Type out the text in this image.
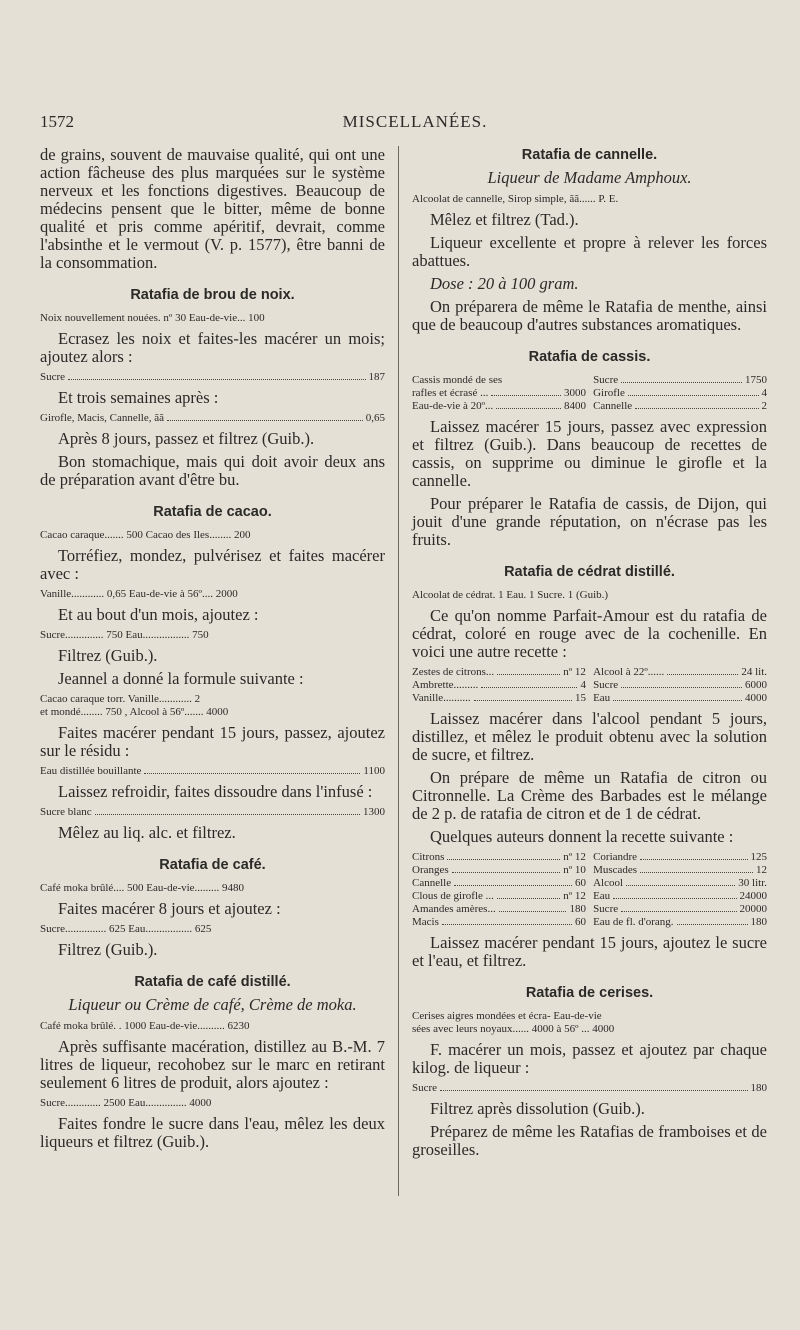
1572	MISCELLANÉES.

de grains, souvent de mauvaise qualité, qui ont une action fâcheuse des plus marquées sur le système nerveux et les fonctions digestives. Beaucoup de médecins pensent que le bitter, même de bonne qualité et pris comme apéritif, devrait, comme l'absinthe et le vermout (V. p. 1577), être banni de la consommation.

Ratafia de brou de noix.
Noix nouvellement nouées. nº 30 Eau-de-vie... 100

Ecrasez les noix et faites-les macérer un mois; ajoutez alors :

Sucre	187

Et trois semaines après :

Girofle, Macis, Cannelle, ãã	0,65

Après 8 jours, passez et filtrez (Guib.).

Bon stomachique, mais qui doit avoir deux ans de préparation avant d'être bu.

Ratafia de cacao.
Cacao caraque....... 500 Cacao des Iles........ 200

Torréfiez, mondez, pulvérisez et faites macérer avec :

Vanille............ 0,65 Eau-de-vie à 56º.... 2000

Et au bout d'un mois, ajoutez :

Sucre.............. 750 Eau................. 750

Filtrez (Guib.).

Jeannel a donné la formule suivante :

Cacao caraque torr. Vanille............ 2
et mondé........ 750 , Alcool à 56º....... 4000

Faites macérer pendant 15 jours, passez, ajoutez sur le résidu :

Eau distillée bouillante	1100

Laissez refroidir, faites dissoudre dans l'infusé :

Sucre blanc	1300

Mêlez au liq. alc. et filtrez.

Ratafia de café.
Café moka brûlé.... 500 Eau-de-vie......... 9480

Faites macérer 8 jours et ajoutez :

Sucre............... 625 Eau................. 625

Filtrez (Guib.).

Ratafia de café distillé.
Liqueur ou Crème de café, Crème de moka.
Café moka brûlé. . 1000 Eau-de-vie.......... 6230

Après suffisante macération, distillez au B.-M. 7 litres de liqueur, recohobez sur le marc en retirant seulement 6 litres de produit, alors ajoutez :

Sucre............. 2500 Eau............... 4000

Faites fondre le sucre dans l'eau, mêlez les deux liqueurs et filtrez (Guib.).

Ratafia de cannelle.
Liqueur de Madame Amphoux.
Alcoolat de cannelle, Sirop simple, ãã...... P. E.

Mêlez et filtrez (Tad.).

Liqueur excellente et propre à relever les forces abattues.

Dose : 20 à 100 gram.

On préparera de même le Ratafia de menthe, ainsi que de beaucoup d'autres substances aromatiques.

Ratafia de cassis.
Cassis mondé de ses	Sucre	1750
rafles et écrasé ...	3000 Girofle	4
Eau-de-vie à 20º...	8400 Cannelle	2

Laissez macérer 15 jours, passez avec expression et filtrez (Guib.). Dans beaucoup de recettes de cassis, on supprime ou diminue le girofle et la cannelle.

Pour préparer le Ratafia de cassis, de Dijon, qui jouit d'une grande réputation, on n'écrase pas les fruits.

Ratafia de cédrat distillé.
Alcoolat de cédrat. 1 Eau. 1 Sucre. 1 (Guib.)

Ce qu'on nomme Parfait-Amour est du ratafia de cédrat, coloré en rouge avec de la cochenille. En voici une autre recette :

Zestes de citrons...	nº 12 Alcool à 22º......	24 lit.
Ambrette.........	4 Sucre	6000
Vanille..........	15 Eau	4000

Laissez macérer dans l'alcool pendant 5 jours, distillez, et mêlez le produit obtenu avec la solution de sucre, et filtrez.

On prépare de même un Ratafia de citron ou Citronnelle. La Crème des Barbades est le mélange de 2 p. de ratafia de citron et de 1 de cédrat.

Quelques auteurs donnent la recette suivante :

Citrons	nº 12 Coriandre	125
Oranges	nº 10 Muscades	12
Cannelle	60 Alcool	30 litr.
Clous de girofle ...	nº 12 Eau	24000
Amandes amères...	180 Sucre	20000
Macis	60 Eau de fl. d'orang.	180

Laissez macérer pendant 15 jours, ajoutez le sucre et l'eau, et filtrez.

Ratafia de cerises.
Cerises aigres mondées et écra- Eau-de-vie
sées avec leurs noyaux...... 4000 à 56º ... 4000

F. macérer un mois, passez et ajoutez par chaque kilog. de liqueur :

Sucre	180

Filtrez après dissolution (Guib.).

Préparez de même les Ratafias de framboises et de groseilles.
